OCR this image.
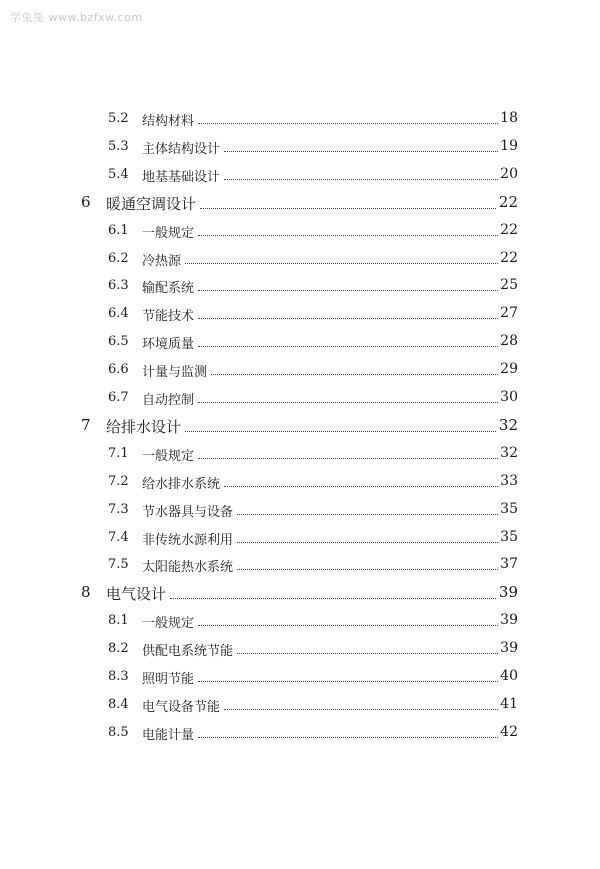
学兔兔 www.bzfxw.com
5.2 结构材料	18
5.3 主体结构设计	19
5.4 地基基础设计	20
6 暖通空调设计	22
6.1 一般规定	22
6.2 冷热源	22
6.3 输配系统	25
6.4 节能技术	27
6.5 环境质量	28
6.6 计量与监测	29
6.7 自动控制	30
7 给排水设计	32
7.1 一般规定	32
7.2 给水排水系统	33
7.3 节水器具与设备	35
7.4 非传统水源利用	35
7.5 太阳能热水系统	37
8 电气设计	39
8.1 一般规定	39
8.2 供配电系统节能	39
8.3 照明节能	40
8.4 电气设备节能	41
8.5 电能计量	42
